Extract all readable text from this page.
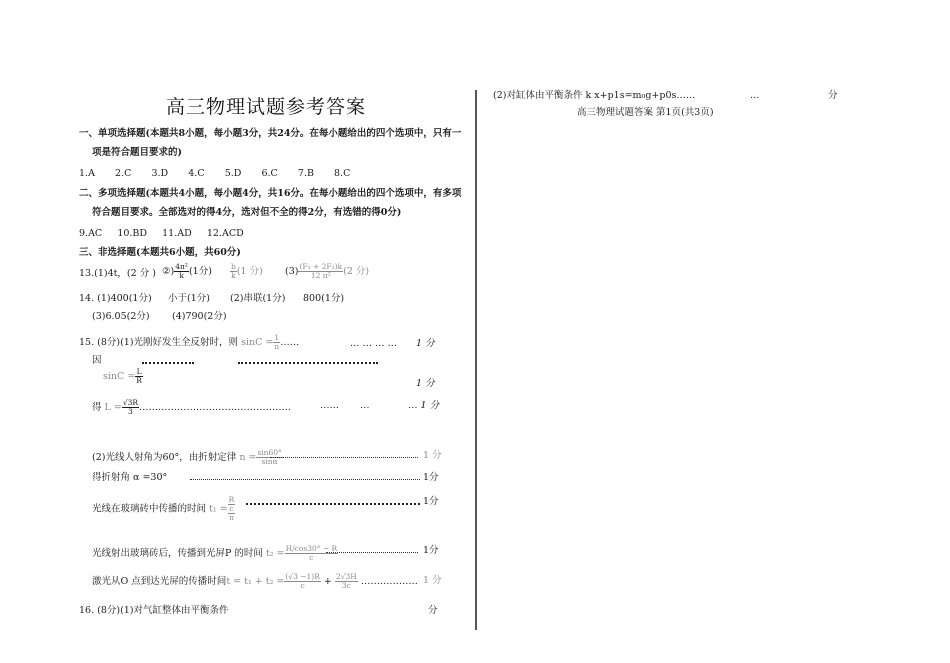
高三物理试题参考答案
一、单项选择题(本题共8小题，每小题3分，共24分。在每小题给出的四个选项中，只有一
项是符合题目要求的)
1.A 2.C 3.D 4.C 5.D 6.C 7.B 8.C
二、多项选择题(本题共4小题，每小题4分，共16分。在每小题给出的四个选项中，有多项
符合题目要求。全部选对的得4分，选对但不全的得2分，有选错的得0分)
9.AC 10.BD 11.AD 12.ACD
三、非选择题(本题共6小题，共60分)
13.(1)4t，(2 分 ) ②) $\frac{\text{4π²}}{k} (1$分) $\frac{b}{k} (1$ 分) $(3) \frac{\text{(F₁ + 2F₂)k}}{\text{12 π²}} (2$ 分)
14. (1)400(1分) 小于(1分) (2)串联(1分) 800(1分)
(3)6.05(2分) (4)790(2分)
15. (8分)(1)光刚好发生全反射时，则 $\sin C = \frac{1}{n}$ ……	… … … … 1 分
因
$\sin C = \frac{L}{R}$	1 分
得 $L = \frac{√3R}{3}$ …………………………………………	…… …	… 1 分
(2)光线人射角为60°，由折射定律 $n = \frac{\sin 60^\circ}{\sin\alpha}$	1 分
得折射角 α =30°	1分
光线在玻璃砖中传播的时间 t₁ =
R
c
n
1分
光线射出玻璃砖后，传播到光屏P 的时间 $t_2 = \frac{H/\cos 30^\circ - R}{c}$	1分
激光从O 点到达光屏的传播时间$t = t_1 + t_2 = \frac{(√3 -1)R}{c} + \frac{2√3H}{3c}$ ……………… 1 分
16. (8分)(1)对气缸整体由平衡条件	分
(2)对缸体由平衡条件 k x+p1s=m₀g+p0s……	…	分
高三物理试题答案 第1页(共3页)
